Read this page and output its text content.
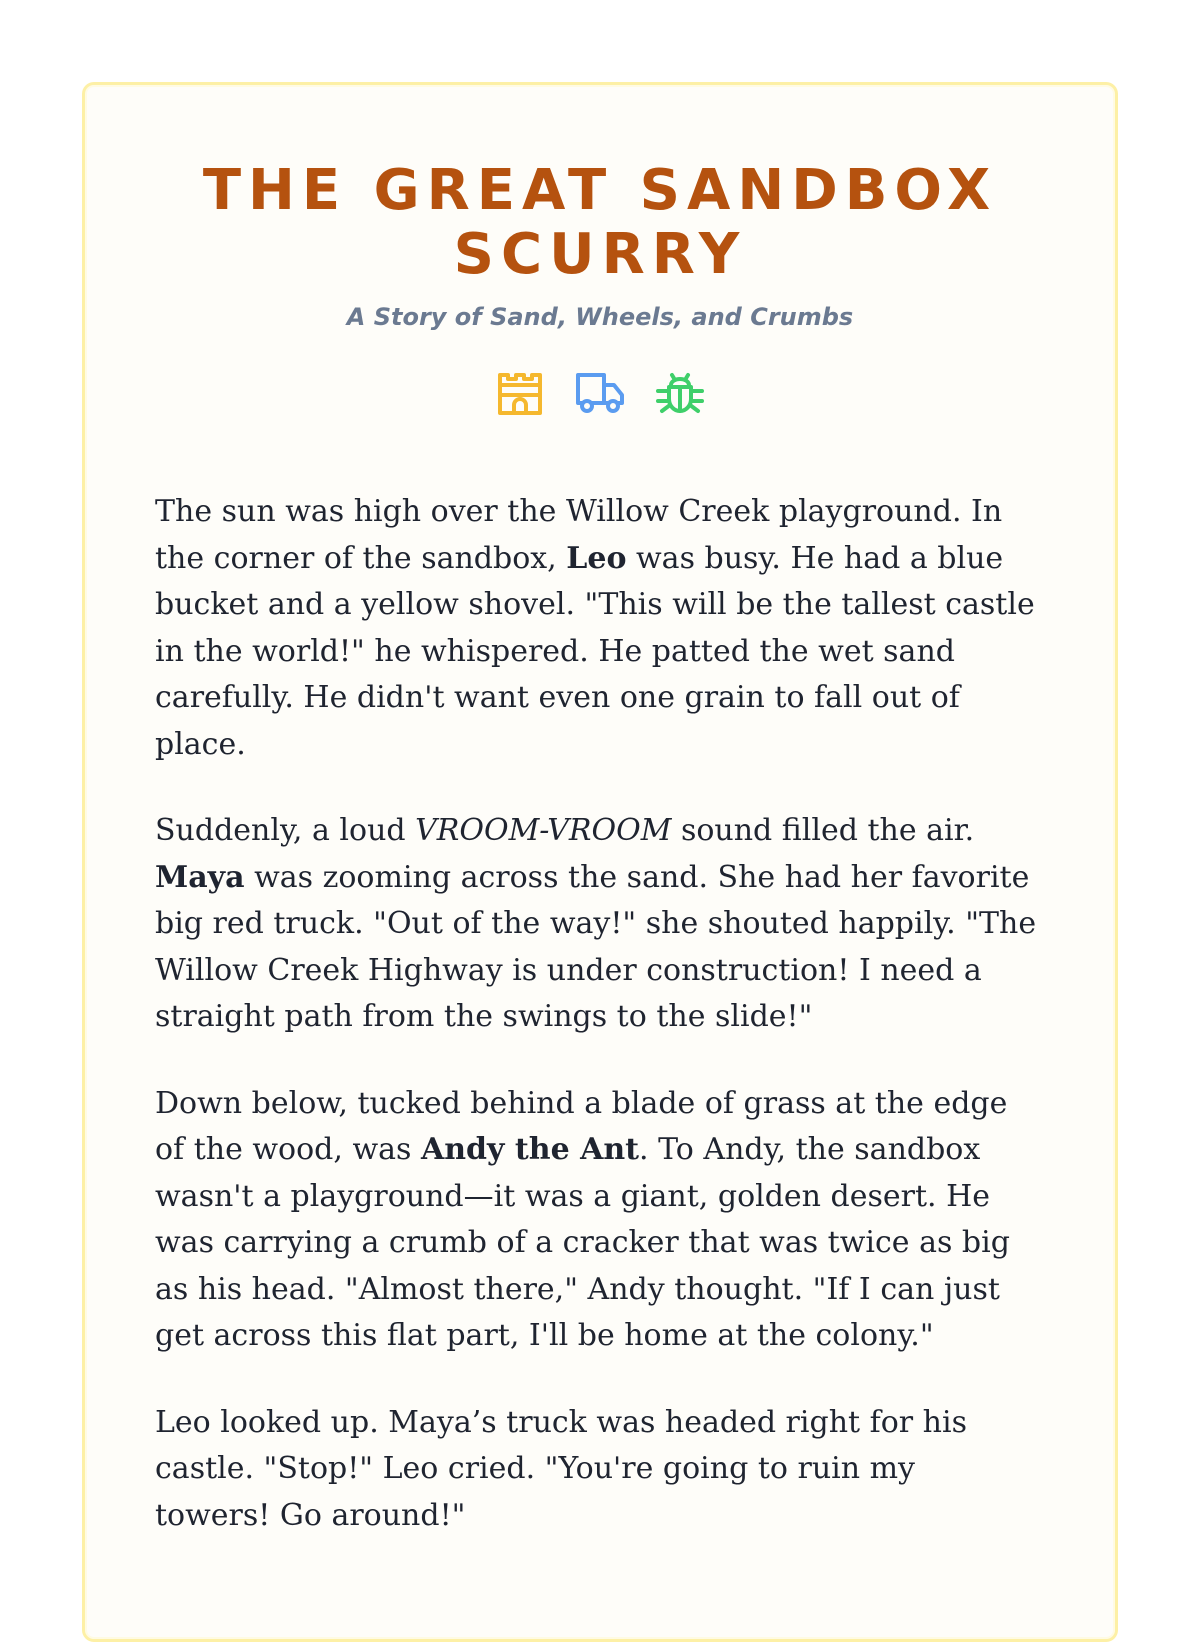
THE GREAT SANDBOX SCURRY
A Story of Sand, Wheels, and Crumbs

The sun was high over the Willow Creek playground. In the corner of the sandbox, Leo was busy. He had a blue bucket and a yellow shovel. "This will be the tallest castle in the world!" he whispered. He patted the wet sand carefully. He didn't want even one grain to fall out of place.

Suddenly, a loud VROOM-VROOM sound filled the air. Maya was zooming across the sand. She had her favorite big red truck. "Out of the way!" she shouted happily. "The Willow Creek Highway is under construction! I need a straight path from the swings to the slide!"

Down below, tucked behind a blade of grass at the edge of the wood, was Andy the Ant. To Andy, the sandbox wasn't a playground—it was a giant, golden desert. He was carrying a crumb of a cracker that was twice as big as his head. "Almost there," Andy thought. "If I can just get across this flat part, I'll be home at the colony."

Leo looked up. Maya’s truck was headed right for his castle. "Stop!" Leo cried. "You're going to ruin my towers! Go around!"
